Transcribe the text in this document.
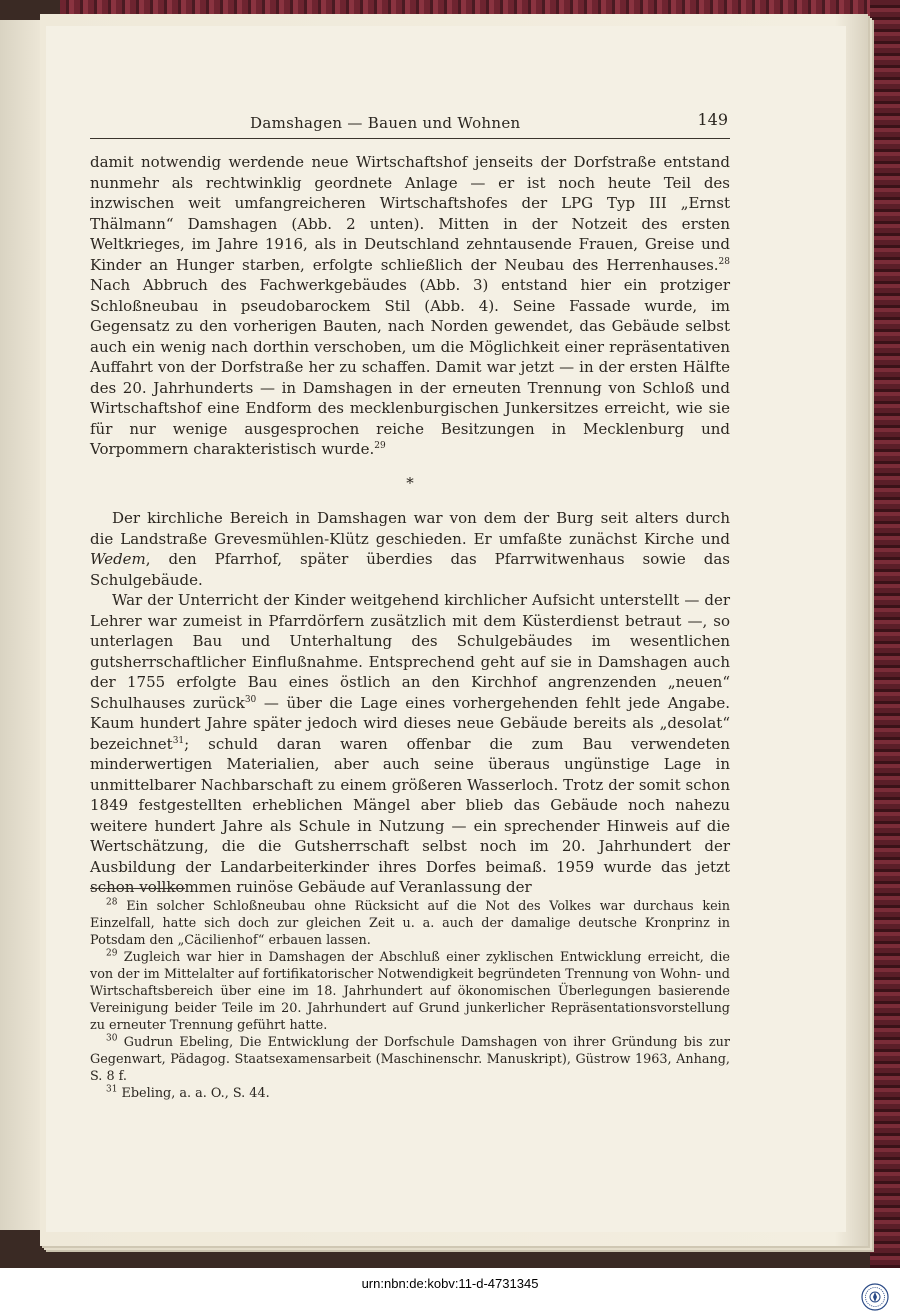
Damshagen — Bauen und Wohnen	149

damit notwendig werdende neue Wirtschaftshof jenseits der Dorfstraße entstand nunmehr als rechtwinklig geordnete Anlage — er ist noch heute Teil des inzwischen weit umfangreicheren Wirtschaftshofes der LPG Typ III „Ernst Thälmann“ Damshagen (Abb. 2 unten). Mitten in der Notzeit des ersten Weltkrieges, im Jahre 1916, als in Deutschland zehntausende Frauen, Greise und Kinder an Hunger starben, erfolgte schließlich der Neubau des Herrenhauses.$^{28}$ Nach Abbruch des Fachwerkgebäudes (Abb. 3) entstand hier ein protziger Schloßneubau in pseudobarockem Stil (Abb. 4). Seine Fassade wurde, im Gegensatz zu den vorherigen Bauten, nach Norden gewendet, das Gebäude selbst auch ein wenig nach dorthin verschoben, um die Möglichkeit einer repräsentativen Auffahrt von der Dorfstraße her zu schaffen. Damit war jetzt — in der ersten Hälfte des 20. Jahrhunderts — in Damshagen in der erneuten Trennung von Schloß und Wirtschaftshof eine Endform des mecklenburgischen Junkersitzes erreicht, wie sie für nur wenige ausgesprochen reiche Besitzungen in Mecklenburg und Vorpommern charakteristisch wurde.$^{29}$

*

Der kirchliche Bereich in Damshagen war von dem der Burg seit alters durch die Landstraße Grevesmühlen-Klütz geschieden. Er umfaßte zunächst Kirche und Wedem, den Pfarrhof, später überdies das Pfarrwitwenhaus sowie das Schulgebäude.

War der Unterricht der Kinder weitgehend kirchlicher Aufsicht unterstellt — der Lehrer war zumeist in Pfarrdörfern zusätzlich mit dem Küsterdienst betraut —, so unterlagen Bau und Unterhaltung des Schulgebäudes im wesentlichen gutsherrschaftlicher Einflußnahme. Entsprechend geht auf sie in Damshagen auch der 1755 erfolgte Bau eines östlich an den Kirchhof angrenzenden „neuen“ Schulhauses zurück$^{30}$ — über die Lage eines vorhergehenden fehlt jede Angabe. Kaum hundert Jahre später jedoch wird dieses neue Gebäude bereits als „desolat“ bezeichnet$^{31}$; schuld daran waren offenbar die zum Bau verwendeten minderwertigen Materialien, aber auch seine überaus ungünstige Lage in unmittelbarer Nachbarschaft zu einem größeren Wasserloch. Trotz der somit schon 1849 festgestellten erheblichen Mängel aber blieb das Gebäude noch nahezu weitere hundert Jahre als Schule in Nutzung — ein sprechender Hinweis auf die Wertschätzung, die die Gutsherrschaft selbst noch im 20. Jahrhundert der Ausbildung der Landarbeiterkinder ihres Dorfes beimaß. 1959 wurde das jetzt schon vollkommen ruinöse Gebäude auf Veranlassung der

$^{28}$ Ein solcher Schloßneubau ohne Rücksicht auf die Not des Volkes war durchaus kein Einzelfall, hatte sich doch zur gleichen Zeit u. a. auch der damalige deutsche Kronprinz in Potsdam den „Cäcilienhof“ erbauen lassen.

$^{29}$ Zugleich war hier in Damshagen der Abschluß einer zyklischen Entwicklung erreicht, die von der im Mittelalter auf fortifikatorischer Notwendigkeit begründeten Trennung von Wohn- und Wirtschaftsbereich über eine im 18. Jahrhundert auf ökonomischen Überlegungen basierende Vereinigung beider Teile im 20. Jahrhundert auf Grund junkerlicher Repräsentationsvorstellung zu erneuter Trennung geführt hatte.

$^{30}$ Gudrun Ebeling, Die Entwicklung der Dorfschule Damshagen von ihrer Gründung bis zur Gegenwart, Pädagog. Staatsexamensarbeit (Maschinenschr. Manuskript), Güstrow 1963, Anhang, S. 8 f.

$^{31}$ Ebeling, a. a. O., S. 44.

urn:nbn:de:kobv:11-d-4731345
